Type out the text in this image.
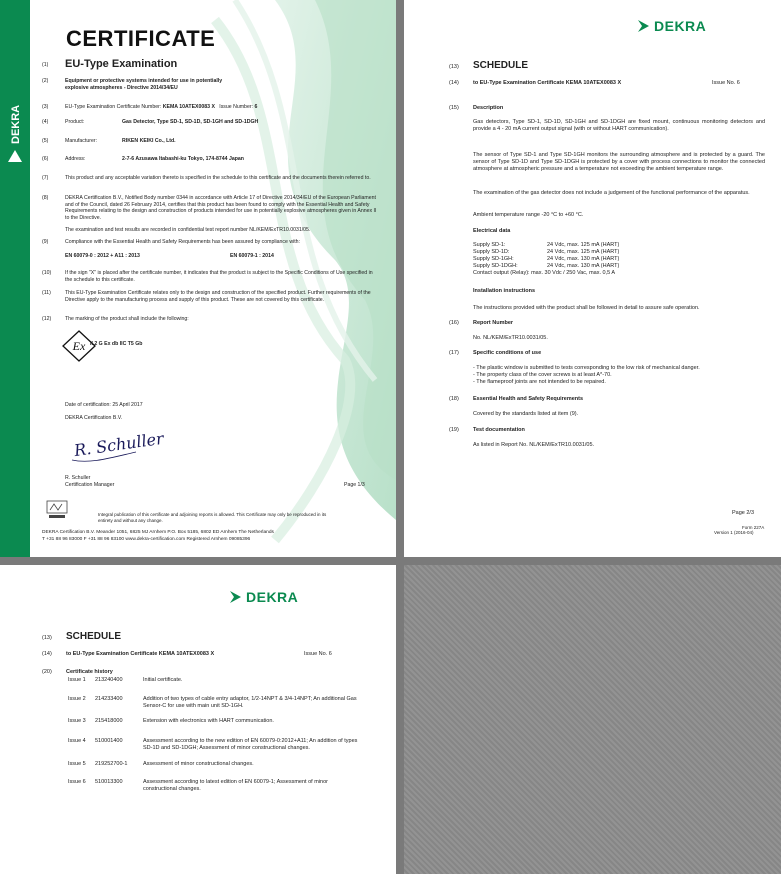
DEKRA
CERTIFICATE
EU-Type Examination
(1)
(2)	Equipment or protective systems intended for use in potentially explosive atmospheres - Directive 2014/34/EU
(3)	EU-Type Examination Certificate Number: KEMA 10ATEX0083 X Issue Number: 6
(4)	Product:	Gas Detector, Type SD-1, SD-1D, SD-1GH and SD-1DGH
(5)	Manufacturer:	RIKEN KEIKI Co., Ltd.
(6)	Address:	2-7-6 Azusawa Itabashi-ku Tokyo, 174-8744 Japan
(7)	This product and any acceptable variation thereto is specified in the schedule to this certificate and the documents therein referred to.
(8)	DEKRA Certification B.V., Notified Body number 0344 in accordance with Article 17 of Directive 2014/34/EU of the European Parliament and of the Council, dated 26 February 2014, certifies that this product has been found to comply with the Essential Health and Safety Requirements relating to the design and construction of products intended for use in potentially explosive atmospheres given in Annex II to the Directive.
The examination and test results are recorded in confidential test report number NL/KEM/ExTR10.0031/05.
(9)	Compliance with the Essential Health and Safety Requirements has been assured by compliance with:
EN 60079-0 : 2012 + A11 : 2013	EN 60079-1 : 2014
(10)	If the sign "X" is placed after the certificate number, it indicates that the product is subject to the Specific Conditions of Use specified in the schedule to this certificate.
(11)	This EU-Type Examination Certificate relates only to the design and construction of the specified product. Further requirements of the Directive apply to the manufacturing process and supply of this product. These are not covered by this certificate.
(12)	The marking of the product shall include the following:
Ex II 2 G Ex db IIC T5 Gb
Date of certification: 25 April 2017
DEKRA Certification B.V.
R. Schuller
R. Schuller
Certification Manager	Page 1/3
Integral publication of this certificate and adjoining reports is allowed. This Certificate may only be reproduced in its entirety and without any change.
DEKRA Certification B.V. Meander 1051, 6825 MJ Arnhem P.O. Box 5185, 6802 ED Arnhem The Netherlands
T +31 88 96 83000 F +31 88 96 83100 www.dekra-certification.com Registered Arnhem 09085396
DEKRA
(13) SCHEDULE
(14)	to EU-Type Examination Certificate KEMA 10ATEX0083 X	Issue No. 6
(15)	Description
Gas detectors, Type SD-1, SD-1D, SD-1GH and SD-1DGH are fixed mount, continuous monitoring detectors and provide a 4 - 20 mA current output signal (with or without HART communication).
The sensor of Type SD-1 and Type SD-1GH monitors the surrounding atmosphere and is protected by a guard. The sensor of Type SD-1D and Type SD-1DGH is protected by a cover with process connections to monitor the connected atmosphere at atmospheric pressure and a temperature not exceeding the ambient temperature range.
The examination of the gas detector does not include a judgement of the functional performance of the apparatus.
Ambient temperature range -20 °C to +60 °C.
Electrical data
Supply SD-1:	24 Vdc, max. 125 mA (HART)
Supply SD-1D:	24 Vdc, max. 125 mA (HART)
Supply SD-1GH:	24 Vdc, max. 130 mA (HART)
Supply SD-1DGH:	24 Vdc, max. 130 mA (HART)
Contact output (Relay): max. 30 Vdc / 250 Vac, max. 0,5 A
Installation instructions
The instructions provided with the product shall be followed in detail to assure safe operation.
(16)	Report Number
No. NL/KEM/ExTR10.0031/05.
(17)	Specific conditions of use
- The plastic window is submitted to tests corresponding to the low risk of mechanical danger.
- The property class of the cover screws is at least A*-70.
- The flameproof joints are not intended to be repaired.
(18)	Essential Health and Safety Requirements
Covered by the standards listed at item (9).
(19)	Test documentation
As listed in Report No. NL/KEM/ExTR10.0031/05.
Page 2/3
Form 227A
Version 1 (2016-04)
DEKRA
(13) SCHEDULE
(14)	to EU-Type Examination Certificate KEMA 10ATEX0083 X	Issue No. 6
(20)	Certificate history
Issue 1 213240400	Initial certificate.
Issue 2 214233400	Addition of two types of cable entry adaptor, 1/2-14NPT & 3/4-14NPT; An additional Gas Sensor-C for use with main unit SD-1GH.
Issue 3 215418000	Extension with electronics with HART communication.
Issue 4 510001400	Assessment according to the new edition of EN 60079-0:2012+A11; An addition of types SD-1D and SD-1DGH; Assessment of minor constructional changes.
Issue 5 219252700-1	Assessment of minor constructional changes.
Issue 6 510013300	Assessment according to latest edition of EN 60079-1; Assessment of minor constructional changes.
